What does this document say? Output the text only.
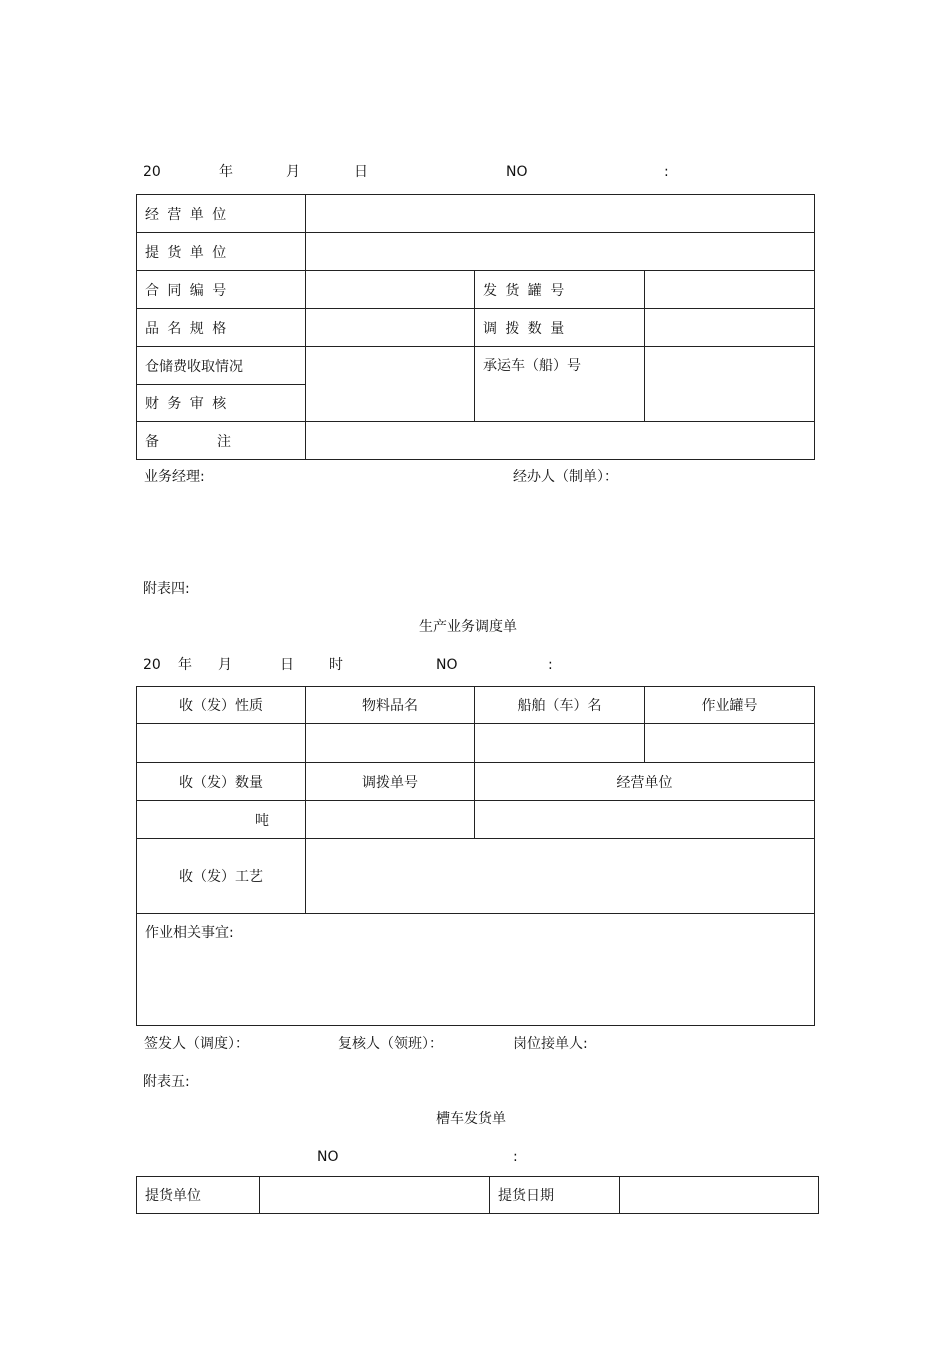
20	年	月	日	NO	:
经营单位			
提货单位			
合同编号		发货罐号	
品名规格		调拨数量	
仓储费收取情况		承运车（船）号	
财务审核			
备 注			
业务经理:	经办人（制单）：
附表四:
生产业务调度单
20 年 月	日	时	NO	:
收（发）性质	物料品名	船舶（车）名	作业罐号

收（发）数量	调拨单号	经营单位	
吨			
收（发）工艺			
作业相关事宜:			
签发人（调度）：	复核人（领班）：	岗位接单人:
附表五:
槽车发货单
NO	:
提货单位		提货日期	
